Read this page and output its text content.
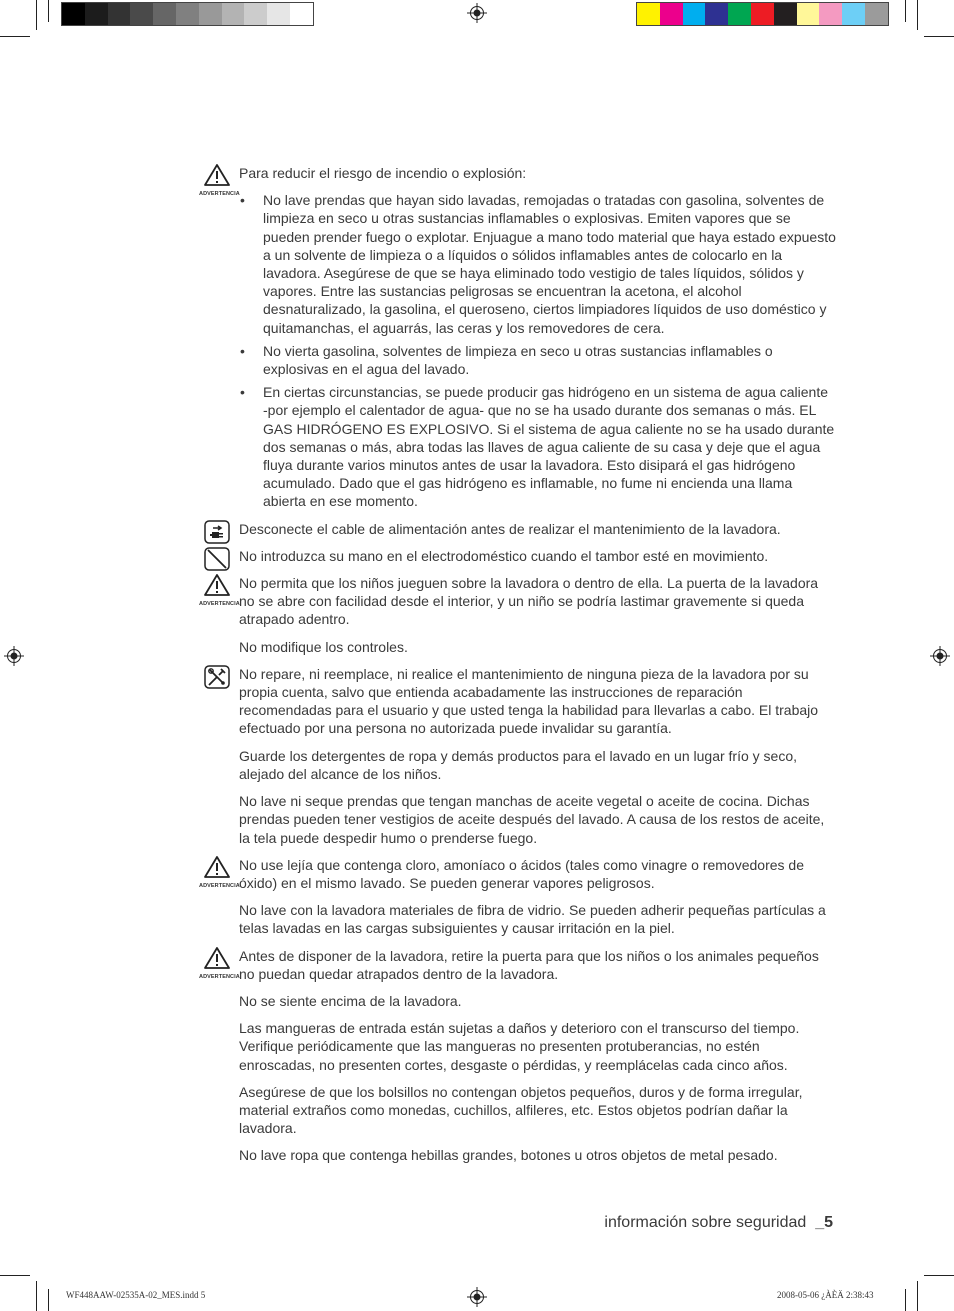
ADVERTENCIA
Para reducir el riesgo de incendio o explosión:
• No lave prendas que hayan sido lavadas, remojadas o tratadas con gasolina, solventes de limpieza en seco u otras sustancias inflamables o explosivas. Emiten vapores que se pueden prender fuego o explotar. Enjuague a mano todo material que haya estado expuesto a un solvente de limpieza o a líquidos o sólidos inflamables antes de colocarlo en la lavadora. Asegúrese de que se haya eliminado todo vestigio de tales líquidos, sólidos y vapores. Entre las sustancias peligrosas se encuentran la acetona, el alcohol desnaturalizado, la gasolina, el queroseno, ciertos limpiadores líquidos de uso doméstico y quitamanchas, el aguarrás, las ceras y los removedores de cera.
• No vierta gasolina, solventes de limpieza en seco u otras sustancias inflamables o explosivas en el agua del lavado.
• En ciertas circunstancias, se puede producir gas hidrógeno en un sistema de agua caliente -por ejemplo el calentador de agua- que no se ha usado durante dos semanas o más. EL GAS HIDRÓGENO ES EXPLOSIVO. Si el sistema de agua caliente no se ha usado durante dos semanas o más, abra todas las llaves de agua caliente de su casa y deje que el agua fluya durante varios minutos antes de usar la lavadora. Esto disipará el gas hidrógeno acumulado. Dado que el gas hidrógeno es inflamable, no fume ni encienda una llama abierta en ese momento.
Desconecte el cable de alimentación antes de realizar el mantenimiento de la lavadora.
No introduzca su mano en el electrodoméstico cuando el tambor esté en movimiento.
ADVERTENCIA
No permita que los niños jueguen sobre la lavadora o dentro de ella. La puerta de la lavadora no se abre con facilidad desde el interior, y un niño se podría lastimar gravemente si queda atrapado adentro.
No modifique los controles.
No repare, ni reemplace, ni realice el mantenimiento de ninguna pieza de la lavadora por su propia cuenta, salvo que entienda acabadamente las instrucciones de reparación recomendadas para el usuario y que usted tenga la habilidad para llevarlas a cabo. El trabajo efectuado por una persona no autorizada puede invalidar su garantía.
Guarde los detergentes de ropa y demás productos para el lavado en un lugar frío y seco, alejado del alcance de los niños.
No lave ni seque prendas que tengan manchas de aceite vegetal o aceite de cocina. Dichas prendas pueden tener vestigios de aceite después del lavado. A causa de los restos de aceite, la tela puede despedir humo o prenderse fuego.
ADVERTENCIA
No use lejía que contenga cloro, amoníaco o ácidos (tales como vinagre o removedores de óxido) en el mismo lavado. Se pueden generar vapores peligrosos.
No lave con la lavadora materiales de fibra de vidrio. Se pueden adherir pequeñas partículas a telas lavadas en las cargas subsiguientes y causar irritación en la piel.
ADVERTENCIA
Antes de disponer de la lavadora, retire la puerta para que los niños o los animales pequeños no puedan quedar atrapados dentro de la lavadora.
No se siente encima de la lavadora.
Las mangueras de entrada están sujetas a daños y deterioro con el transcurso del tiempo. Verifique periódicamente que las mangueras no presenten protuberancias, no estén enroscadas, no presenten cortes, desgaste o pérdidas, y reemplácelas cada cinco años.
Asegúrese de que los bolsillos no contengan objetos pequeños, duros y de forma irregular, material extraños como monedas, cuchillos, alfileres, etc. Estos objetos podrían dañar la lavadora.
No lave ropa que contenga hebillas grandes, botones u otros objetos de metal pesado.
información sobre seguridad _5
WF448AAW-02535A-02_MES.indd 5	2008-05-06 ¿ÀÈÄ 2:38:43
